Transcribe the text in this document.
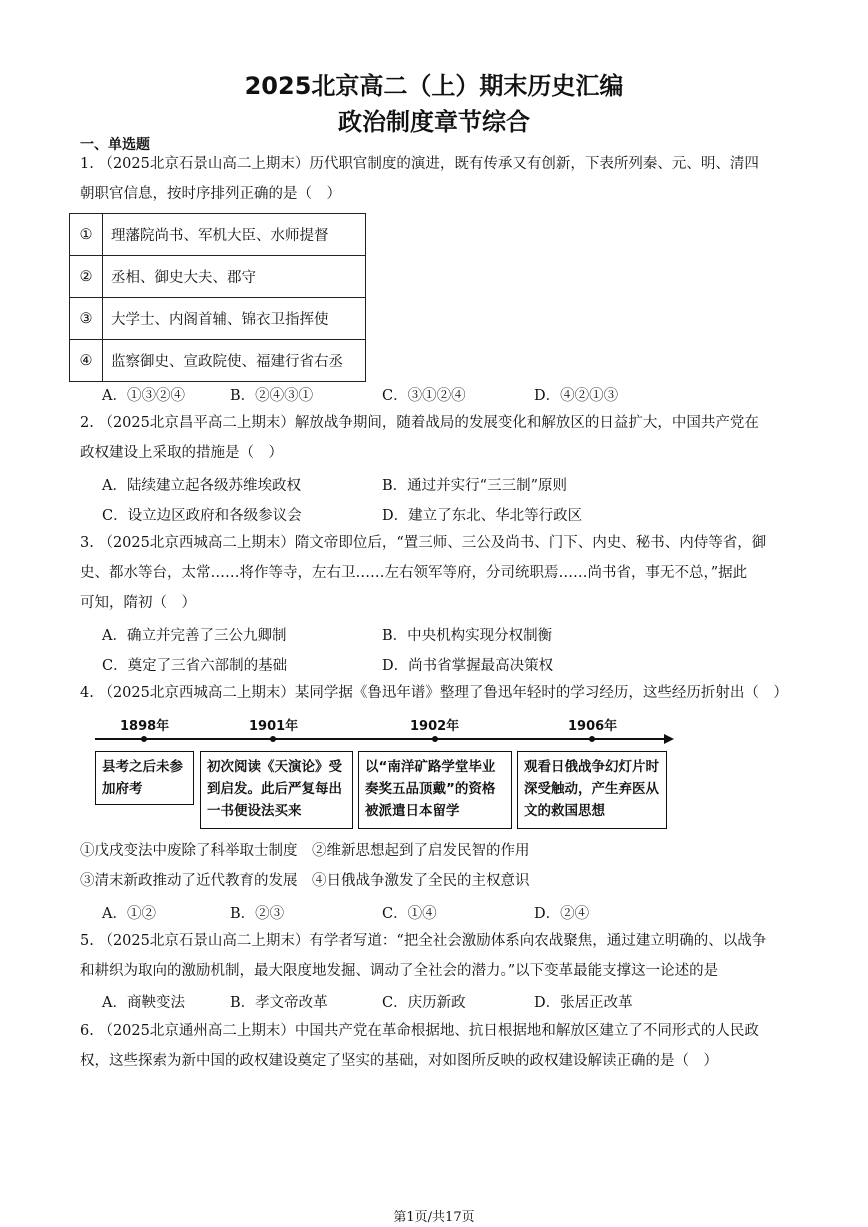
2025北京高二（上）期末历史汇编
政治制度章节综合
一、单选题
1. （2025北京石景山高二上期末）历代职官制度的演进，既有传承又有创新，下表所列秦、元、明、清四
朝职官信息，按时序排列正确的是（　）
①	理藩院尚书、军机大臣、水师提督
②	丞相、御史大夫、郡守
③	大学士、内阁首辅、锦衣卫指挥使
④	监察御史、宣政院使、福建行省右丞
A．①③②④	B．②④③①	C．③①②④	D．④②①③
2. （2025北京昌平高二上期末）解放战争期间，随着战局的发展变化和解放区的日益扩大，中国共产党在
政权建设上采取的措施是（　）
A．陆续建立起各级苏维埃政权	B．通过并实行“三三制”原则
C．设立边区政府和各级参议会	D．建立了东北、华北等行政区
3. （2025北京西城高二上期末）隋文帝即位后，“置三师、三公及尚书、门下、内史、秘书、内侍等省，御
史、都水等台，太常……将作等寺，左右卫……左右领军等府，分司统职焉……尚书省，事无不总，”据此
可知，隋初（　）
A．确立并完善了三公九卿制	B．中央机构实现分权制衡
C．奠定了三省六部制的基础	D．尚书省掌握最高决策权
4. （2025北京西城高二上期末）某同学据《鲁迅年谱》整理了鲁迅年轻时的学习经历，这些经历折射出（　）
1898年	1901年	1902年	1906年
县考之后未参加府考
初次阅读《天演论》受到启发。此后严复每出一书便设法买来
以“南洋矿路学堂毕业奏奖五品顶戴”的资格被派遣日本留学
观看日俄战争幻灯片时深受触动，产生弃医从文的救国思想
①戊戌变法中废除了科举取士制度　②维新思想起到了启发民智的作用
③清末新政推动了近代教育的发展　④日俄战争激发了全民的主权意识
A．①②	B．②③	C．①④	D．②④
5. （2025北京石景山高二上期末）有学者写道：“把全社会激励体系向农战聚焦，通过建立明确的、以战争
和耕织为取向的激励机制，最大限度地发掘、调动了全社会的潜力。”以下变革最能支撑这一论述的是
A．商鞅变法	B．孝文帝改革	C．庆历新政	D．张居正改革
6. （2025北京通州高二上期末）中国共产党在革命根据地、抗日根据地和解放区建立了不同形式的人民政
权，这些探索为新中国的政权建设奠定了坚实的基础，对如图所反映的政权建设解读正确的是（　）
第1页/共17页
